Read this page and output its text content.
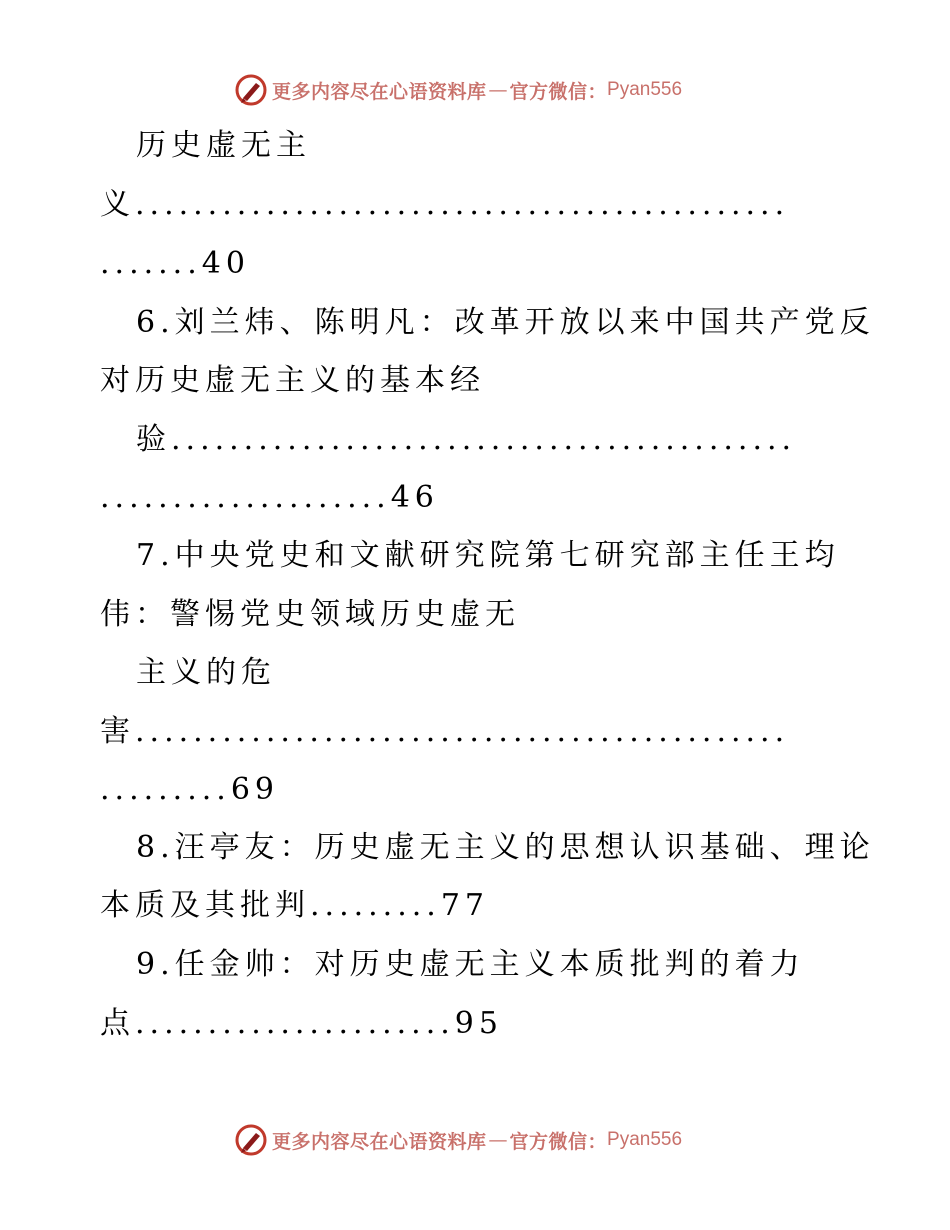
更多内容尽在心语资料库 — 官方微信： Pyan556
历史虚无主
义.............................................
.......40
6.刘兰炜、陈明凡：改革开放以来中国共产党反
对历史虚无主义的基本经
验...........................................
....................46
7.中央党史和文献研究院第七研究部主任王均
伟：警惕党史领域历史虚无
主义的危
害.............................................
.........69
8.汪亭友：历史虚无主义的思想认识基础、理论
本质及其批判.........77
9.任金帅：对历史虚无主义本质批判的着力
点......................95
更多内容尽在心语资料库 — 官方微信： Pyan556
